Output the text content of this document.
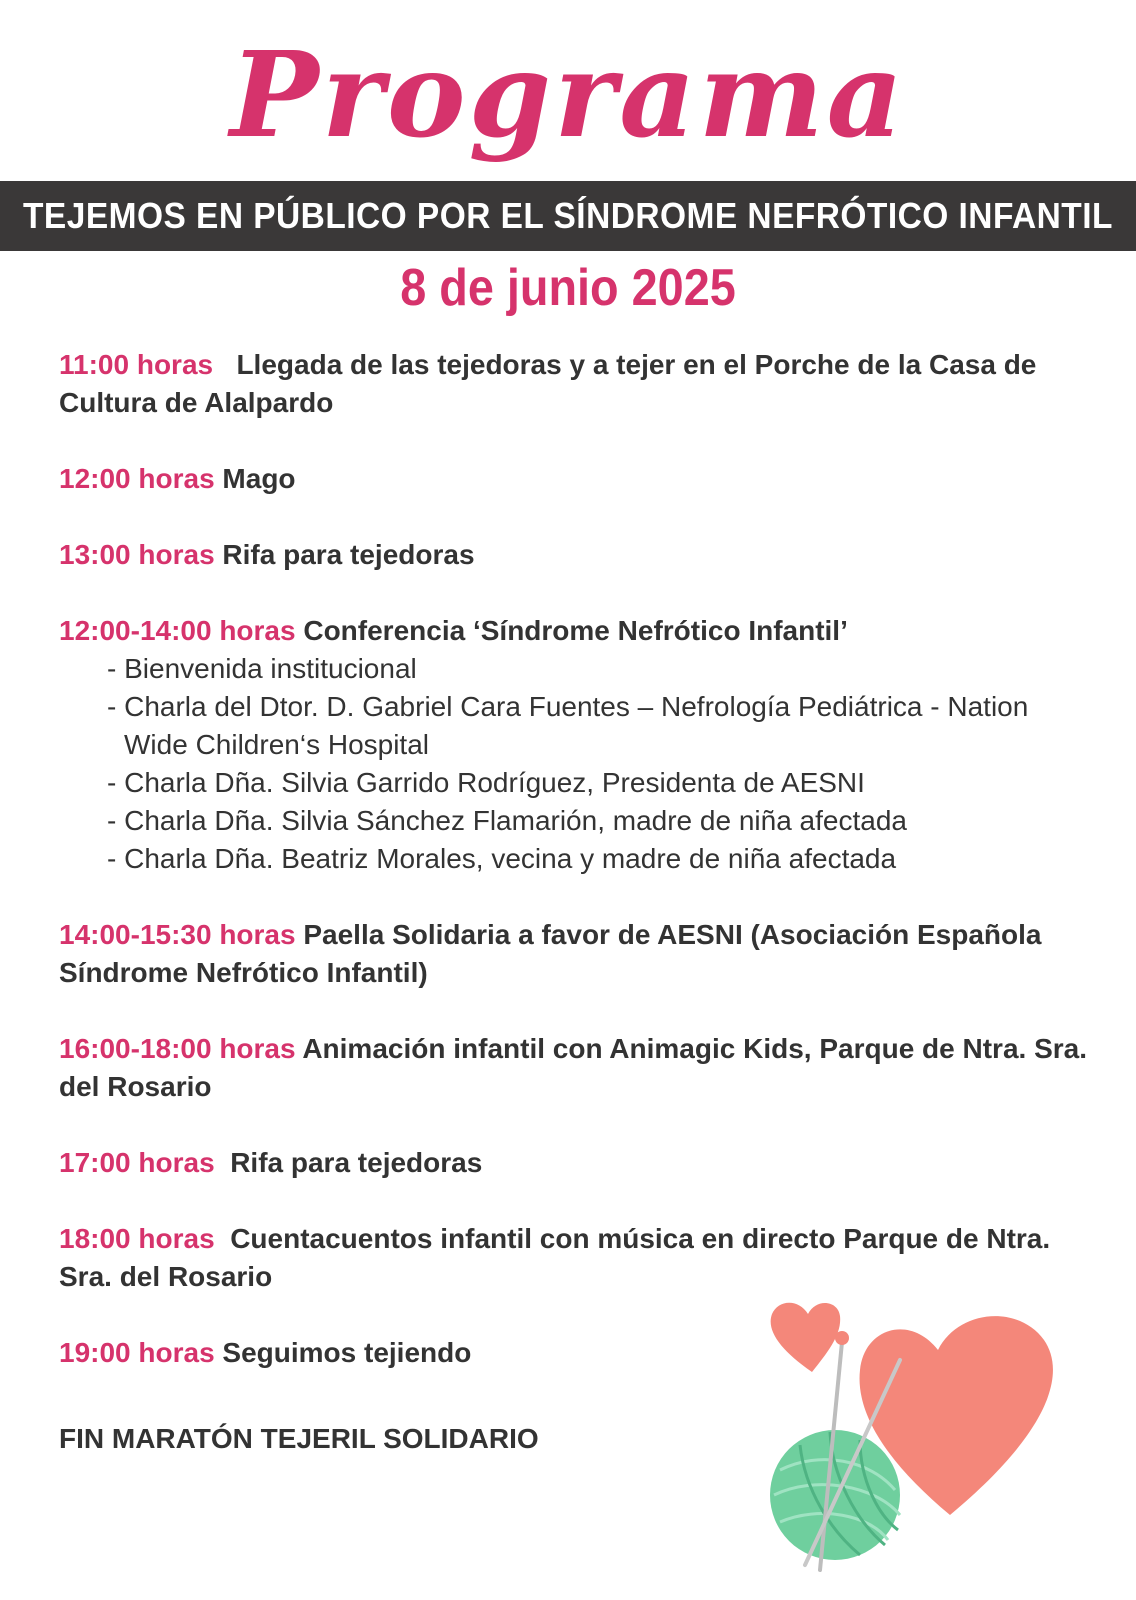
Programa
TEJEMOS EN PÚBLICO POR EL SÍNDROME NEFRÓTICO INFANTIL
8 de junio 2025
11:00 horas Llegada de las tejedoras y a tejer en el Porche de la Casa de Cultura de Alalpardo
12:00 horas Mago
13:00 horas Rifa para tejedoras
12:00-14:00 horas Conferencia ‘Síndrome Nefrótico Infantil’
- Bienvenida institucional
- Charla del Dtor. D. Gabriel Cara Fuentes – Nefrología Pediátrica - Nation Wide Children‘s Hospital
- Charla Dña. Silvia Garrido Rodríguez, Presidenta de AESNI
- Charla Dña. Silvia Sánchez Flamarión, madre de niña afectada
- Charla Dña. Beatriz Morales, vecina y madre de niña afectada
14:00-15:30 horas Paella Solidaria a favor de AESNI (Asociación Española Síndrome Nefrótico Infantil)
16:00-18:00 horas Animación infantil con Animagic Kids, Parque de Ntra. Sra. del Rosario
17:00 horas Rifa para tejedoras
18:00 horas Cuentacuentos infantil con música en directo Parque de Ntra. Sra. del Rosario
19:00 horas Seguimos tejiendo
FIN MARATÓN TEJERIL SOLIDARIO
